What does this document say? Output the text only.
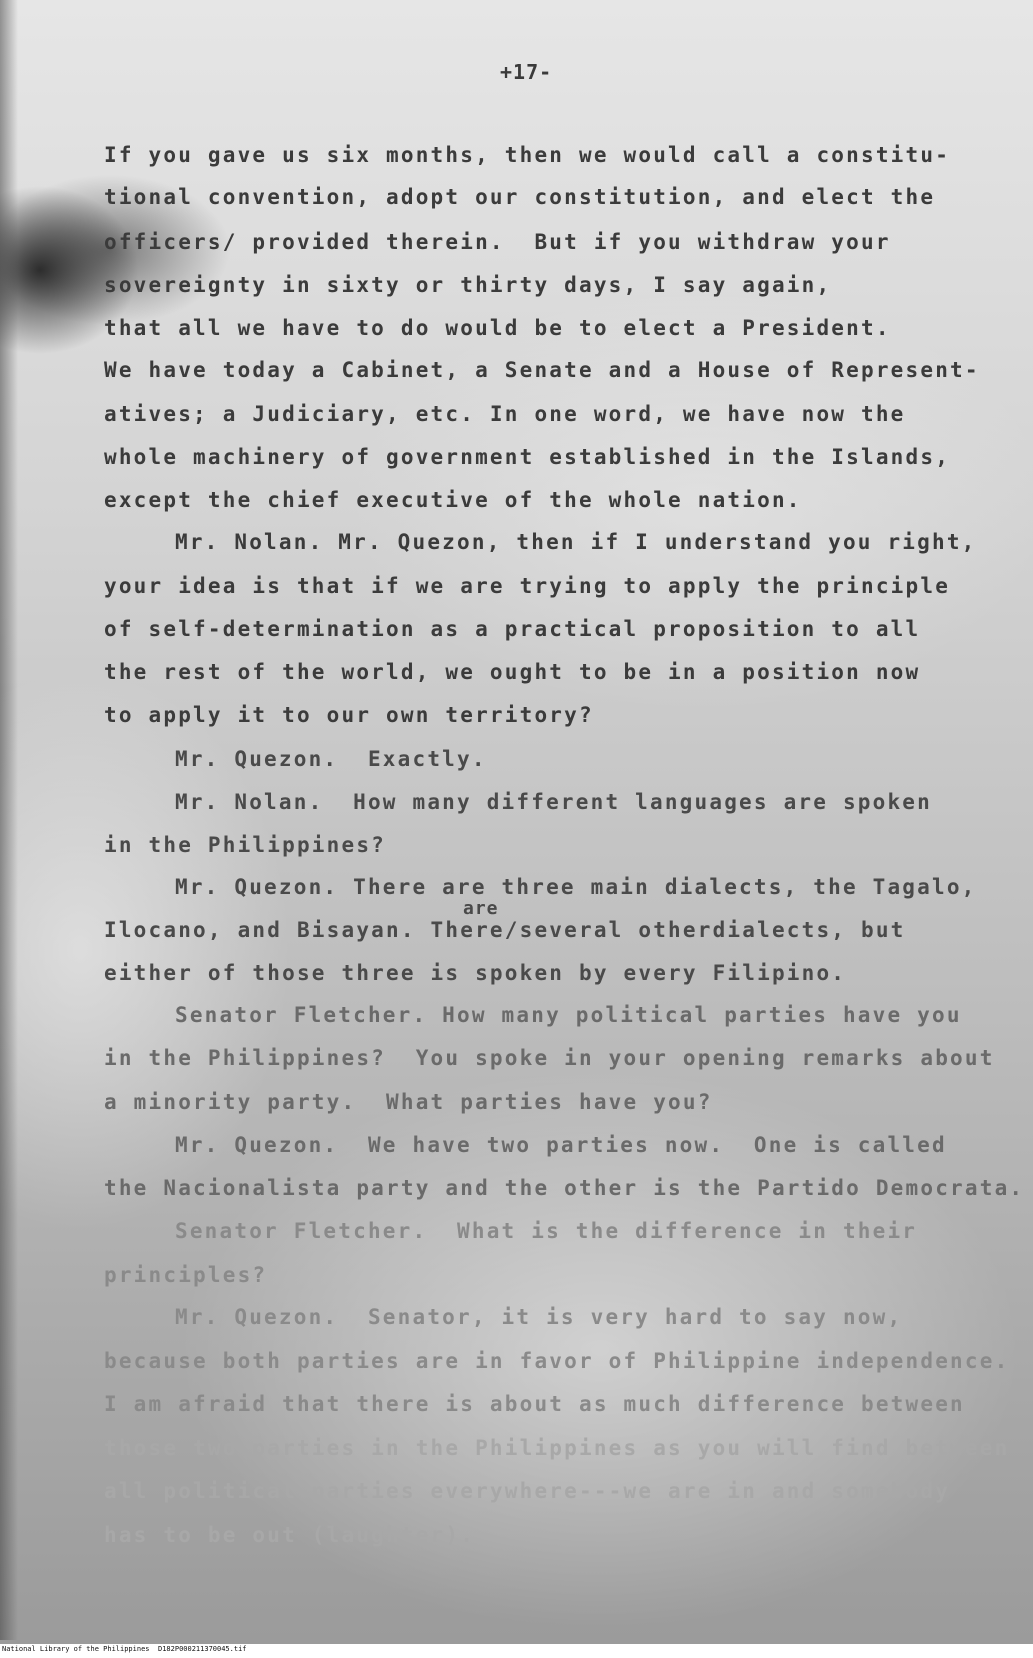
+17-
If you gave us six months, then we would call a constitu-
tional convention, adopt our constitution, and elect the
officers/ provided therein.  But if you withdraw your
sovereignty in sixty or thirty days, I say again,
that all we have to do would be to elect a President.
We have today a Cabinet, a Senate and a House of Represent-
atives; a Judiciary, etc. In one word, we have now the
whole machinery of government established in the Islands,
except the chief executive of the whole nation.
Mr. Nolan. Mr. Quezon, then if I understand you right,
your idea is that if we are trying to apply the principle
of self-determination as a practical proposition to all
the rest of the world, we ought to be in a position now
to apply it to our own territory?
Mr. Quezon.  Exactly.
Mr. Nolan.  How many different languages are spoken
in the Philippines?
Mr. Quezon. There are three main dialects, the Tagalo,
are
Ilocano, and Bisayan. There/several otherdialects, but
either of those three is spoken by every Filipino.
Senator Fletcher. How many political parties have you
in the Philippines?  You spoke in your opening remarks about
a minority party.  What parties have you?
Mr. Quezon.  We have two parties now.  One is called
the Nacionalista party and the other is the Partido Democrata.
Senator Fletcher.  What is the difference in their
principles?
Mr. Quezon.  Senator, it is very hard to say now,
because both parties are in favor of Philippine independence.
I am afraid that there is about as much difference between
those two parties in the Philippines as you will find between
all political parties everywhere---we are in and somebody
has to be out (laughter).
National Library of the Philippines D182P000211370045.tif
